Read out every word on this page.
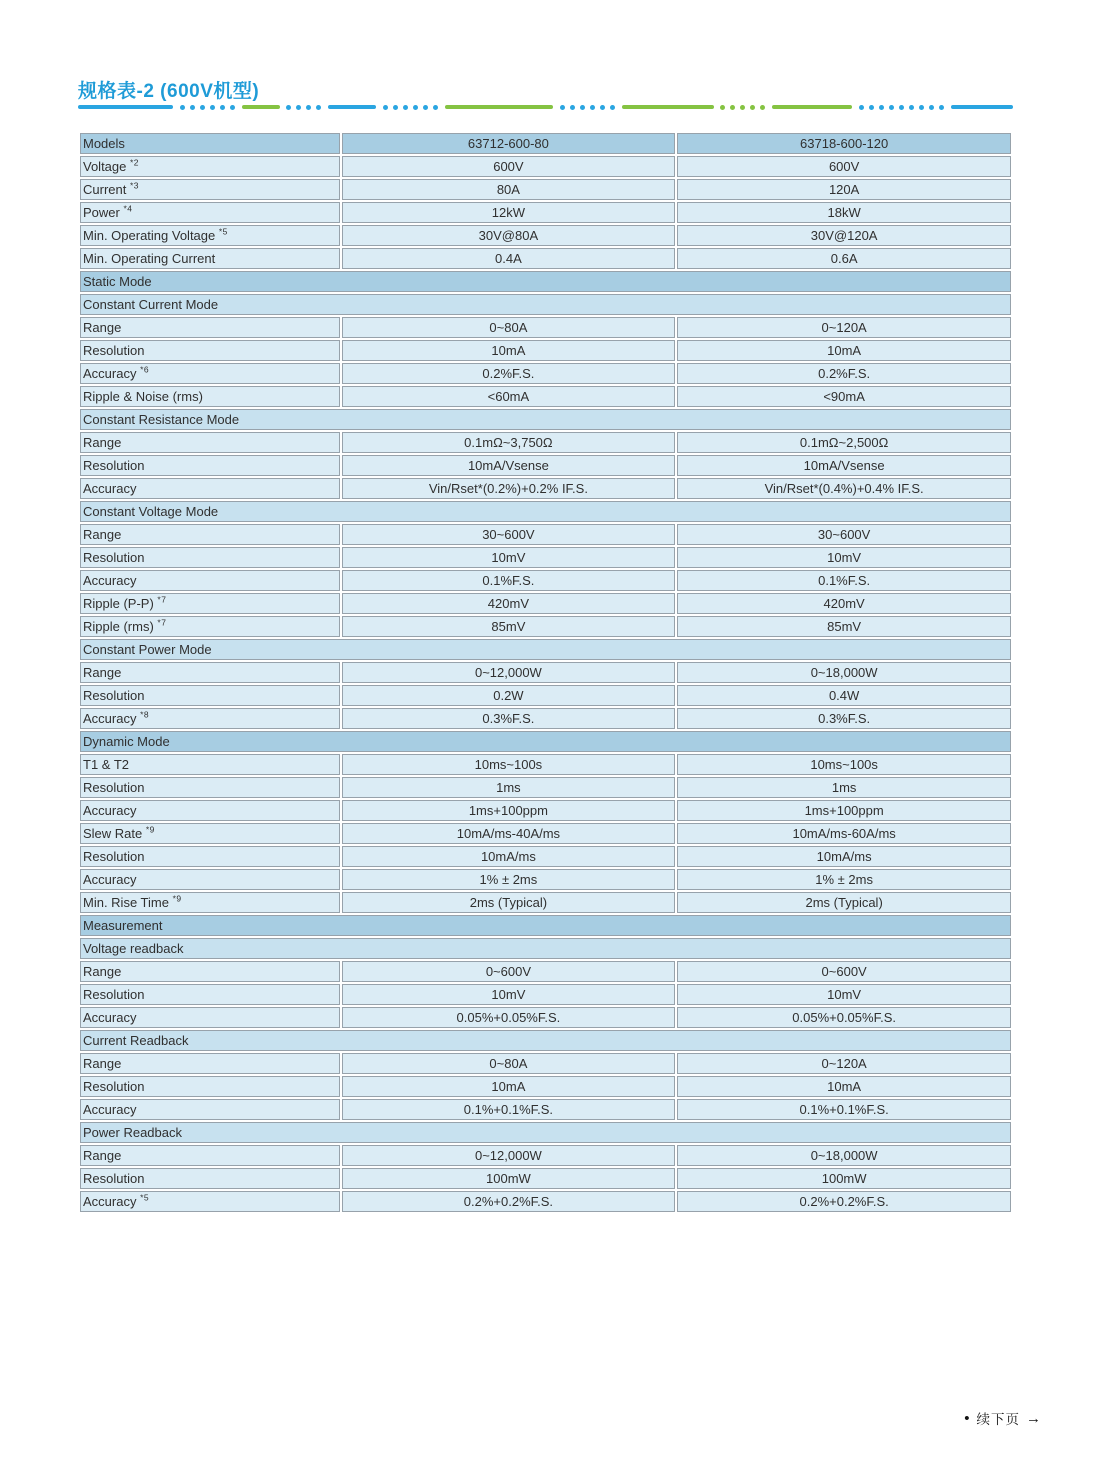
规格表-2 (600V机型)
Models	63712-600-80	63718-600-120
Voltage $^{*2}$	600V	600V
Current $^{*3}$	80A	120A
Power $^{*4}$	12kW	18kW
Min. Operating Voltage $^{*5}$	30V@80A	30V@120A
Min. Operating Current	0.4A	0.6A
Static Mode		
Constant Current Mode		
Range	0~80A	0~120A
Resolution	10mA	10mA
Accuracy $^{*6}$	0.2%F.S.	0.2%F.S.
Ripple & Noise (rms)	<60mA	<90mA
Constant Resistance Mode		
Range	0.1mΩ~3,750Ω	0.1mΩ~2,500Ω
Resolution	10mA/Vsense	10mA/Vsense
Accuracy	Vin/Rset*(0.2%)+0.2% IF.S.	Vin/Rset*(0.4%)+0.4% IF.S.
Constant Voltage Mode		
Range	30~600V	30~600V
Resolution	10mV	10mV
Accuracy	0.1%F.S.	0.1%F.S.
Ripple (P-P) $^{*7}$	420mV	420mV
Ripple (rms) $^{*7}$	85mV	85mV
Constant Power Mode		
Range	0~12,000W	0~18,000W
Resolution	0.2W	0.4W
Accuracy $^{*8}$	0.3%F.S.	0.3%F.S.
Dynamic Mode		
T1 & T2	10ms~100s	10ms~100s
Resolution	1ms	1ms
Accuracy	1ms+100ppm	1ms+100ppm
Slew Rate $^{*9}$	10mA/ms-40A/ms	10mA/ms-60A/ms
Resolution	10mA/ms	10mA/ms
Accuracy	1% ± 2ms	1% ± 2ms
Min. Rise Time $^{*9}$	2ms (Typical)	2ms (Typical)
Measurement		
Voltage readback		
Range	0~600V	0~600V
Resolution	10mV	10mV
Accuracy	0.05%+0.05%F.S.	0.05%+0.05%F.S.
Current Readback		
Range	0~80A	0~120A
Resolution	10mA	10mA
Accuracy	0.1%+0.1%F.S.	0.1%+0.1%F.S.
Power Readback		
Range	0~12,000W	0~18,000W
Resolution	100mW	100mW
Accuracy $^{*5}$	0.2%+0.2%F.S.	0.2%+0.2%F.S.
• 续下页 →
